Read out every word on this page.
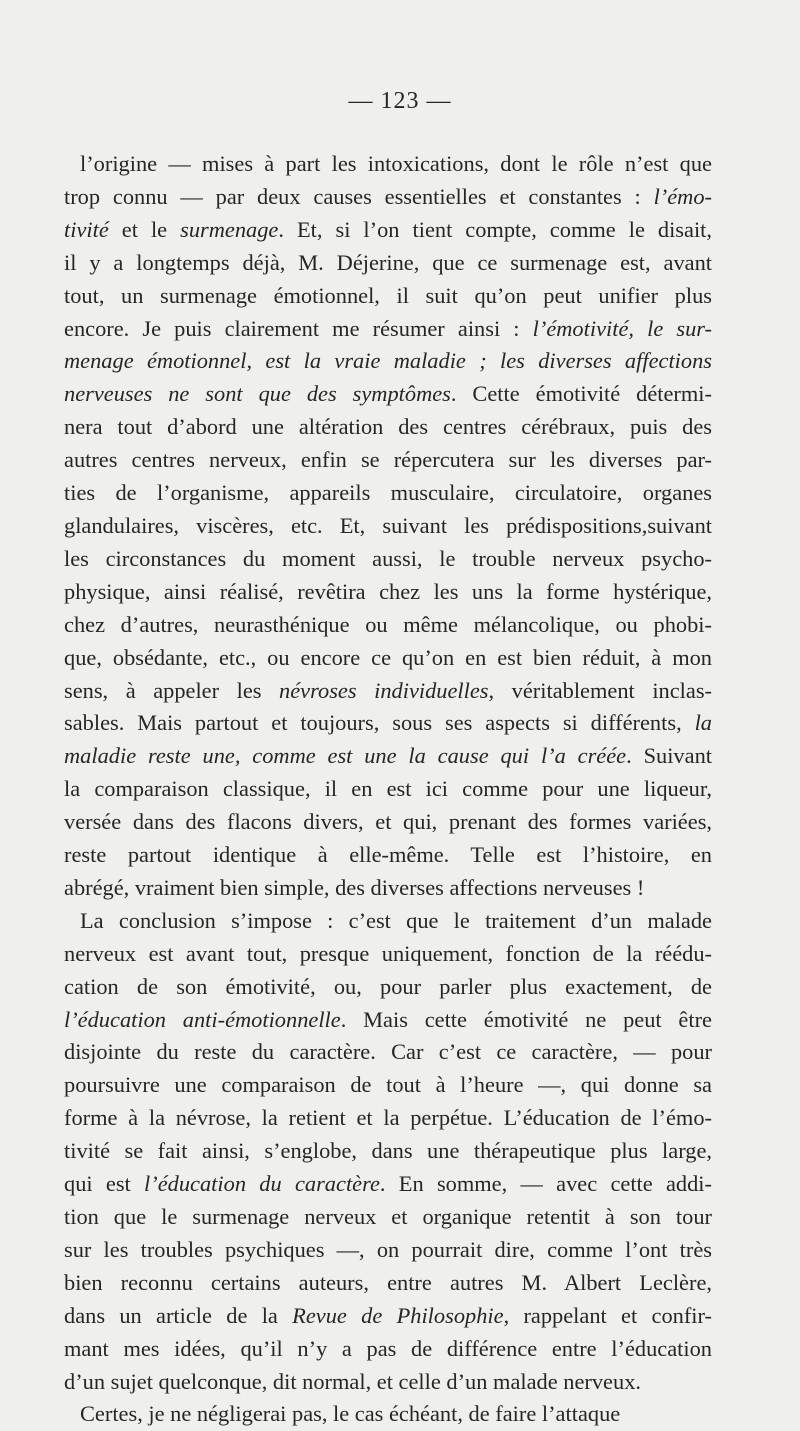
— 123 —
l’origine — mises à part les intoxications, dont le rôle n’est que
trop connu — par deux causes essentielles et constantes : l’émo-
tivité et le surmenage. Et, si l’on tient compte, comme le disait,
il y a longtemps déjà, M. Déjerine, que ce surmenage est, avant
tout, un surmenage émotionnel, il suit qu’on peut unifier plus
encore. Je puis clairement me résumer ainsi : l’émotivité, le sur-
menage émotionnel, est la vraie maladie ; les diverses affections
nerveuses ne sont que des symptômes. Cette émotivité détermi-
nera tout d’abord une altération des centres cérébraux, puis des
autres centres nerveux, enfin se répercutera sur les diverses par-
ties de l’organisme, appareils musculaire, circulatoire, organes
glandulaires, viscères, etc. Et, suivant les prédispositions,suivant
les circonstances du moment aussi, le trouble nerveux psycho-
physique, ainsi réalisé, revêtira chez les uns la forme hystérique,
chez d’autres, neurasthénique ou même mélancolique, ou phobi-
que, obsédante, etc., ou encore ce qu’on en est bien réduit, à mon
sens, à appeler les névroses individuelles, véritablement inclas-
sables. Mais partout et toujours, sous ses aspects si différents, la
maladie reste une, comme est une la cause qui l’a créée. Suivant
la comparaison classique, il en est ici comme pour une liqueur,
versée dans des flacons divers, et qui, prenant des formes variées,
reste partout identique à elle-même. Telle est l’histoire, en
abrégé, vraiment bien simple, des diverses affections nerveuses !
La conclusion s’impose : c’est que le traitement d’un malade
nerveux est avant tout, presque uniquement, fonction de la réédu-
cation de son émotivité, ou, pour parler plus exactement, de
l’éducation anti-émotionnelle. Mais cette émotivité ne peut être
disjointe du reste du caractère. Car c’est ce caractère, — pour
poursuivre une comparaison de tout à l’heure —, qui donne sa
forme à la névrose, la retient et la perpétue. L’éducation de l’émo-
tivité se fait ainsi, s’englobe, dans une thérapeutique plus large,
qui est l’éducation du caractère. En somme, — avec cette addi-
tion que le surmenage nerveux et organique retentit à son tour
sur les troubles psychiques —, on pourrait dire, comme l’ont très
bien reconnu certains auteurs, entre autres M. Albert Leclère,
dans un article de la Revue de Philosophie, rappelant et confir-
mant mes idées, qu’il n’y a pas de différence entre l’éducation
d’un sujet quelconque, dit normal, et celle d’un malade nerveux.
Certes, je ne négligerai pas, le cas échéant, de faire l’attaque
